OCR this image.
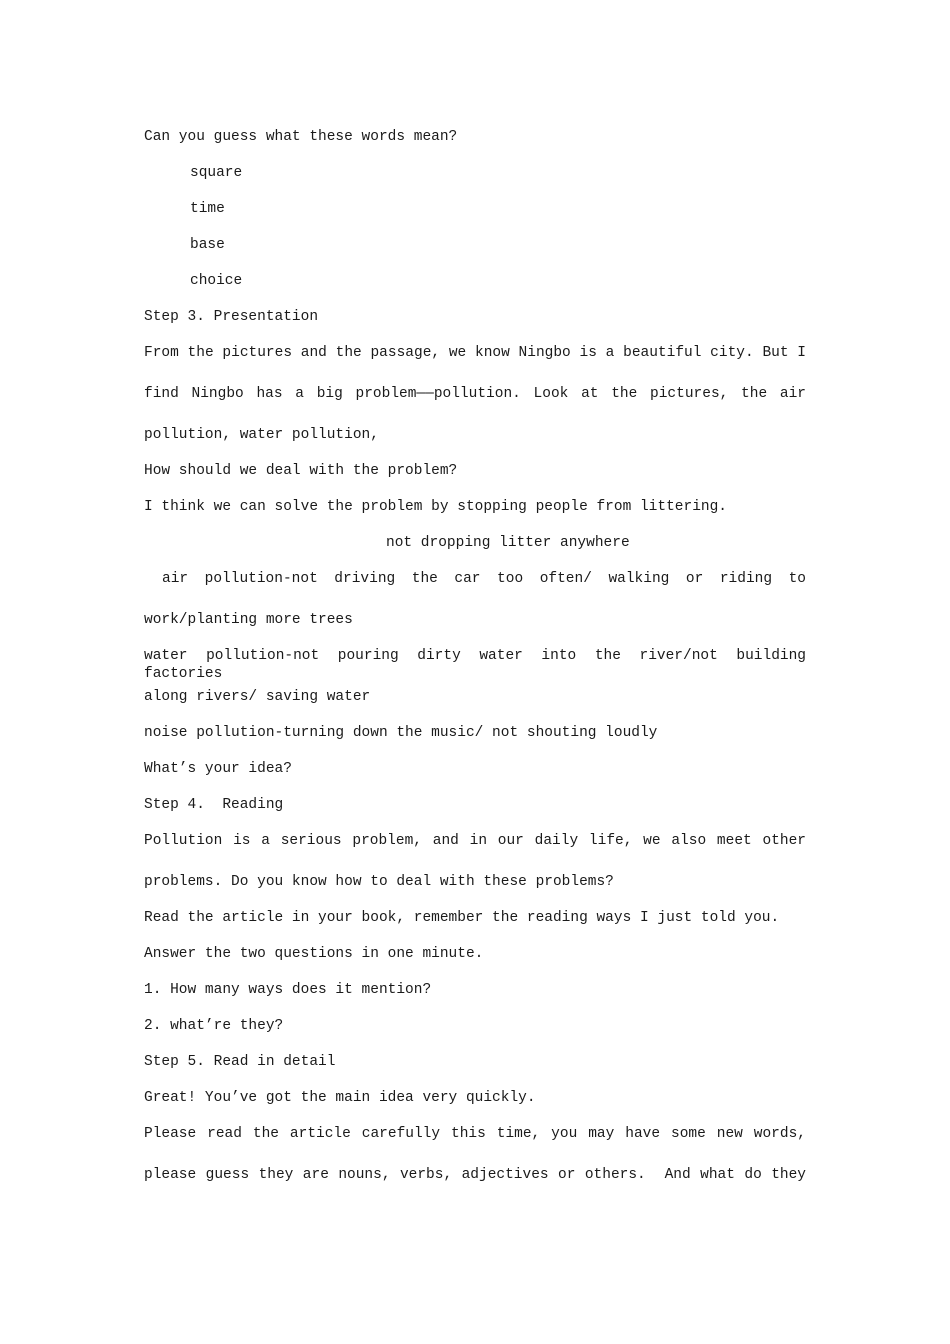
Can you guess what these words mean?
square
time
base
choice
Step 3. Presentation
From the pictures and the passage, we know Ningbo is a beautiful city. But I
find Ningbo has a big problem——pollution. Look at the pictures, the air
pollution, water pollution,
How should we deal with the problem?
I think we can solve the problem by stopping people from littering.
not dropping litter anywhere
air pollution-not driving the car too often/ walking or riding to
work/planting more trees
water pollution-not pouring dirty water into the river/not building factories
along rivers/ saving water
noise pollution-turning down the music/ not shouting loudly
What’s your idea?
Step 4.  Reading
Pollution is a serious problem, and in our daily life, we also meet other
problems. Do you know how to deal with these problems?
Read the article in your book, remember the reading ways I just told you.
Answer the two questions in one minute.
1. How many ways does it mention?
2. what’re they?
Step 5. Read in detail
Great! You’ve got the main idea very quickly.
Please read the article carefully this time, you may have some new words,
please guess they are nouns, verbs, adjectives or others.  And what do they
